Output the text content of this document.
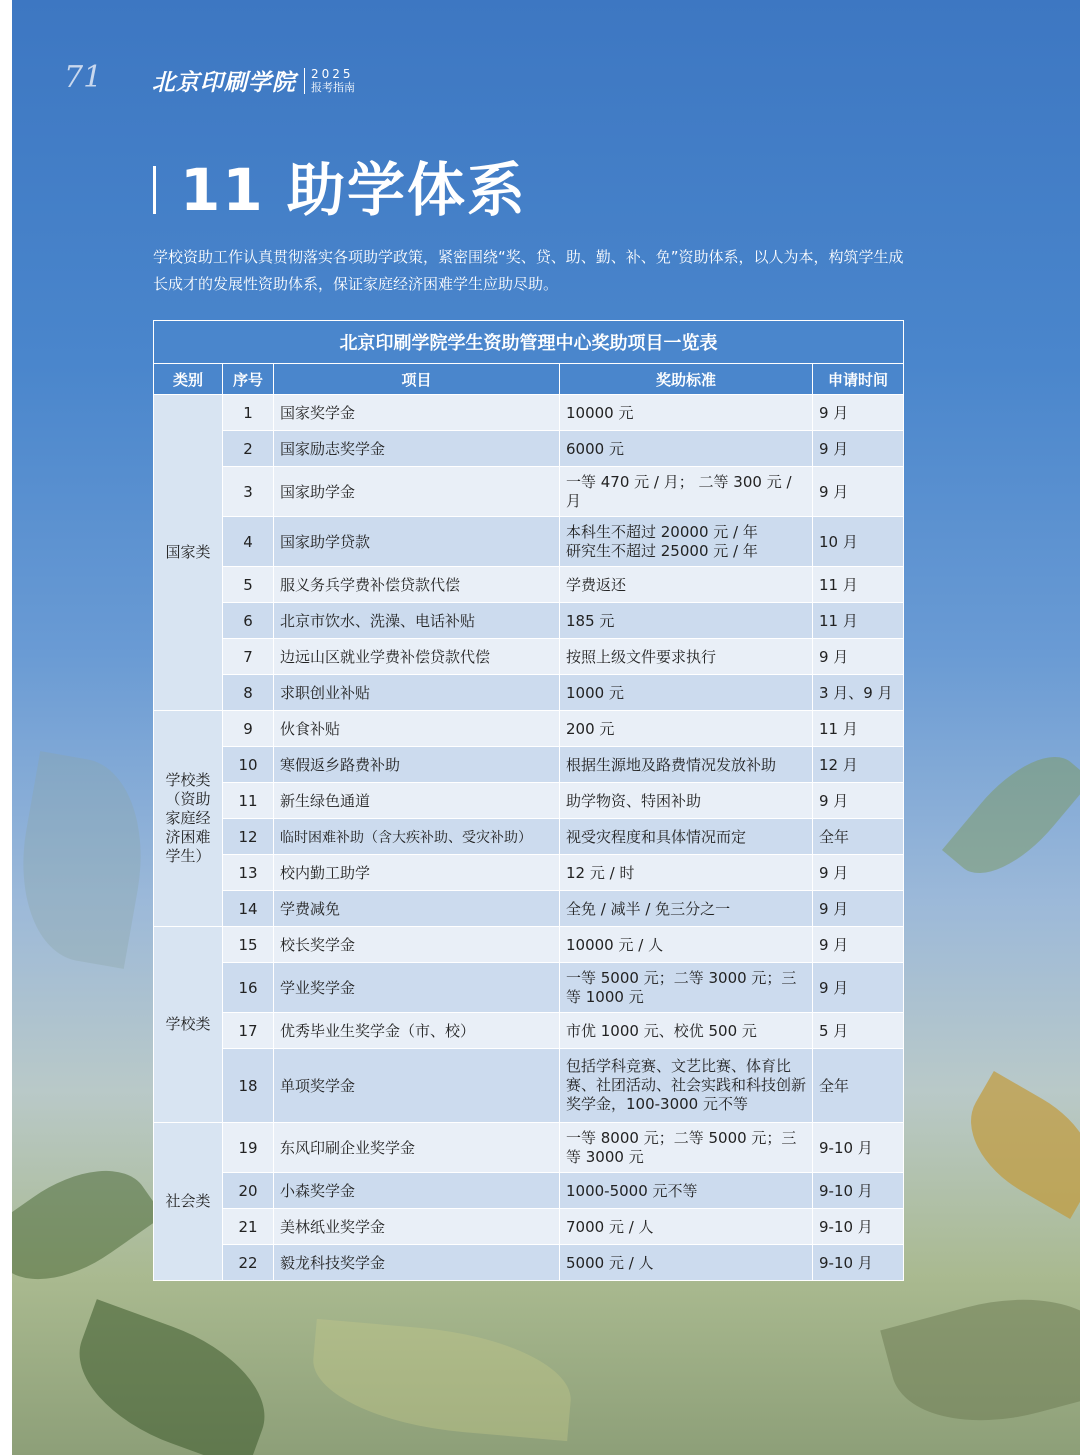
71 北京印刷学院 2025
报考指南
11 助学体系
学校资助工作认真贯彻落实各项助学政策，紧密围绕“奖、贷、助、勤、补、免”资助体系，以人为本，构筑学生成长成才的发展性资助体系，保证家庭经济困难学生应助尽助。
北京印刷学院学生资助管理中心奖助项目一览表				
类别	序号	项目	奖助标准	申请时间
国家类	1	国家奖学金	10000 元	9 月
	2	国家励志奖学金	6000 元	9 月
	3	国家助学金	一等 470 元 / 月； 二等 300 元 / 月	9 月
	4	国家助学贷款	本科生不超过 20000 元 / 年
研究生不超过 25000 元 / 年	10 月
	5	服义务兵学费补偿贷款代偿	学费返还	11 月
	6	北京市饮水、洗澡、电话补贴	185 元	11 月
	7	边远山区就业学费补偿贷款代偿	按照上级文件要求执行	9 月
	8	求职创业补贴	1000 元	3 月、9 月
学校类（资助家庭经济困难学生）	9	伙食补贴	200 元	11 月
	10	寒假返乡路费补助	根据生源地及路费情况发放补助	12 月
	11	新生绿色通道	助学物资、特困补助	9 月
	12	临时困难补助（含大疾补助、受灾补助）	视受灾程度和具体情况而定	全年
	13	校内勤工助学	12 元 / 时	9 月
	14	学费减免	全免 / 减半 / 免三分之一	9 月
学校类	15	校长奖学金	10000 元 / 人	9 月
	16	学业奖学金	一等 5000 元；二等 3000 元；三等 1000 元	9 月
	17	优秀毕业生奖学金（市、校）	市优 1000 元、校优 500 元	5 月
	18	单项奖学金	包括学科竞赛、文艺比赛、体育比赛、社团活动、社会实践和科技创新奖学金，100-3000 元不等	全年
社会类	19	东风印刷企业奖学金	一等 8000 元；二等 5000 元；三等 3000 元	9-10 月
	20	小森奖学金	1000-5000 元不等	9-10 月
	21	美林纸业奖学金	7000 元 / 人	9-10 月
	22	毅龙科技奖学金	5000 元 / 人	9-10 月
